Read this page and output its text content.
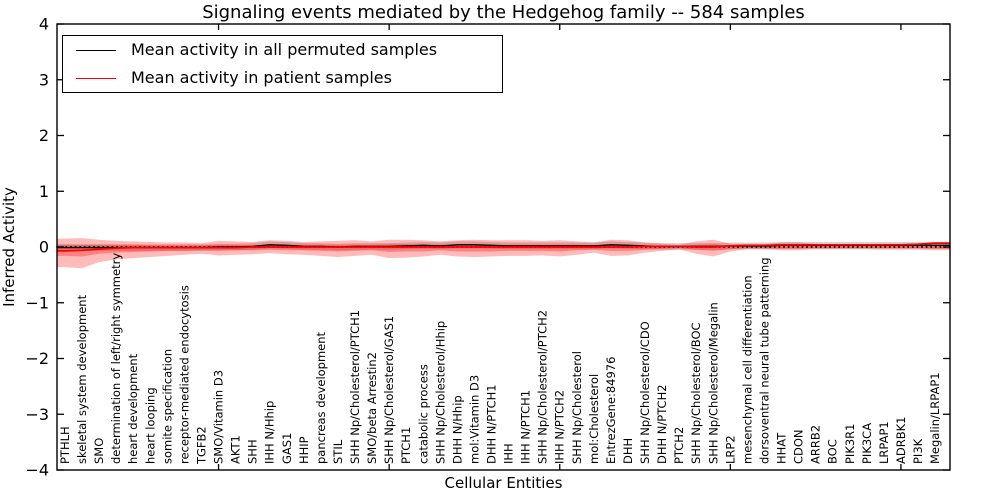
4
3
2
1
0
−1
−2
−3
−4
PTHLH skeletal system development SMO determination of left/right symmetry heart development heart looping somite specification receptor-mediated endocytosis TGFB2 SMO/Vitamin D3 AKT1 SHH IHH N/Hhip GAS1 HHIP pancreas development STIL SHH Np/Cholesterol/PTCH1 SMO/beta Arrestin2 SHH Np/Cholesterol/GAS1 PTCH1 catabolic process SHH Np/Cholesterol/Hhip DHH N/Hhip mol:Vitamin D3 DHH N/PTCH1 IHH IHH N/PTCH1 SHH Np/Cholesterol/PTCH2 IHH N/PTCH2 SHH Np/Cholesterol mol:Cholesterol EntrezGene:84976 DHH SHH Np/Cholesterol/CDO DHH N/PTCH2 PTCH2 SHH Np/Cholesterol/BOC SHH Np/Cholesterol/Megalin LRP2 mesenchymal cell differentiation dorsoventral neural tube patterning HHAT CDON ARRB2 BOC PIK3R1 PIK3CA LRPAP1 ADRBK1 PI3K Megalin/LRPAP1
Signaling events mediated by the Hedgehog family -- 584 samples
Inferred Activity
Cellular Entities
Mean activity in all permuted samples
Mean activity in patient samples
